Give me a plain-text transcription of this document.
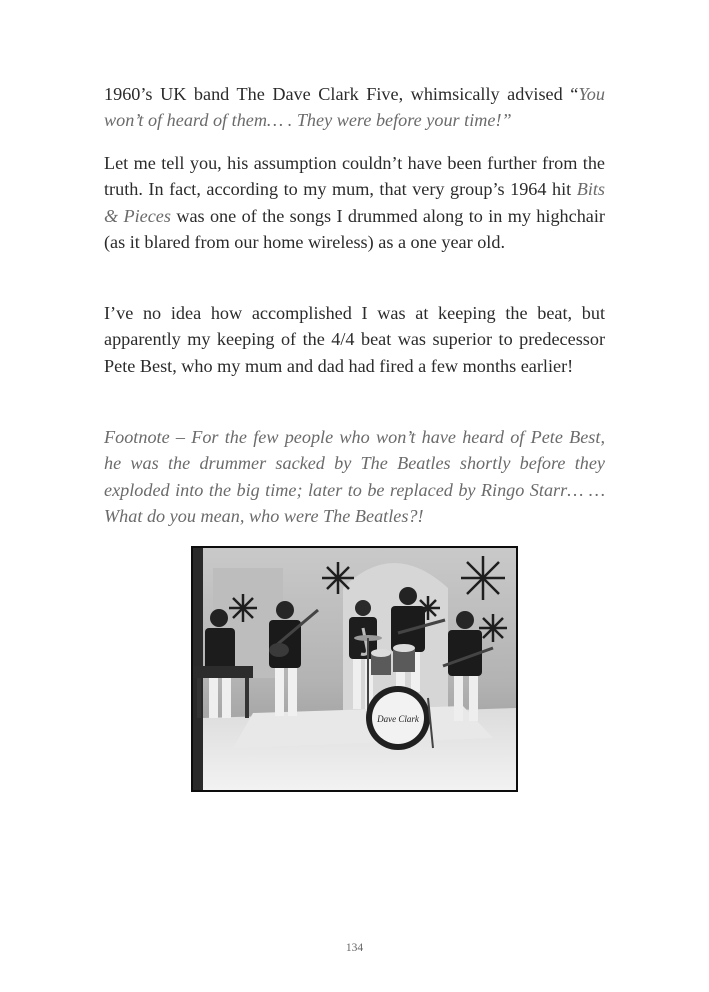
1960’s UK band The Dave Clark Five, whimsically advised “You won’t of heard of them… . They were before your time!”

Let me tell you, his assumption couldn’t have been further from the truth. In fact, according to my mum, that very group’s 1964 hit Bits & Pieces was one of the songs I drummed along to in my highchair (as it blared from our home wireless) as a one year old.

I’ve no idea how accomplished I was at keeping the beat, but apparently my keeping of the 4/4 beat was superior to predecessor Pete Best, who my mum and dad had fired a few months earlier!

Footnote – For the few people who won’t have heard of Pete Best, he was the drummer sacked by The Beatles shortly before they exploded into the big time; later to be replaced by Ringo Starr… … What do you mean, who were The Beatles?!

Dave Clark
134
